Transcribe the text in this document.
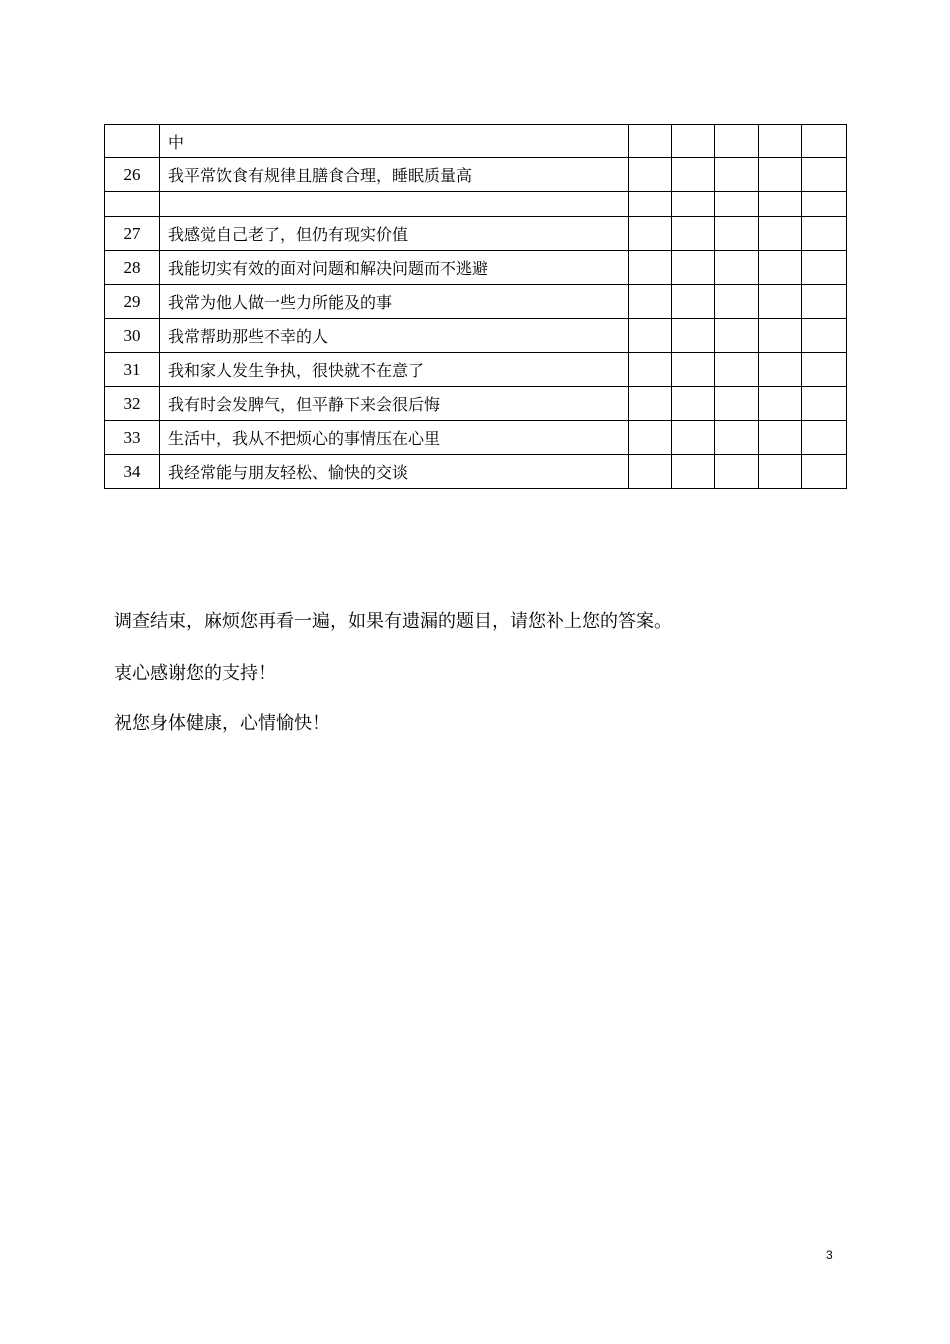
	中					
26	我平常饮食有规律且膳食合理，睡眠质量高					

27	我感觉自己老了，但仍有现实价值					
28	我能切实有效的面对问题和解决问题而不逃避					
29	我常为他人做一些力所能及的事					
30	我常帮助那些不幸的人					
31	我和家人发生争执，很快就不在意了					
32	我有时会发脾气，但平静下来会很后悔					
33	生活中，我从不把烦心的事情压在心里					
34	我经常能与朋友轻松、愉快的交谈					
调查结束，麻烦您再看一遍，如果有遗漏的题目，请您补上您的答案。
衷心感谢您的支持！
祝您身体健康，心情愉快！
3
